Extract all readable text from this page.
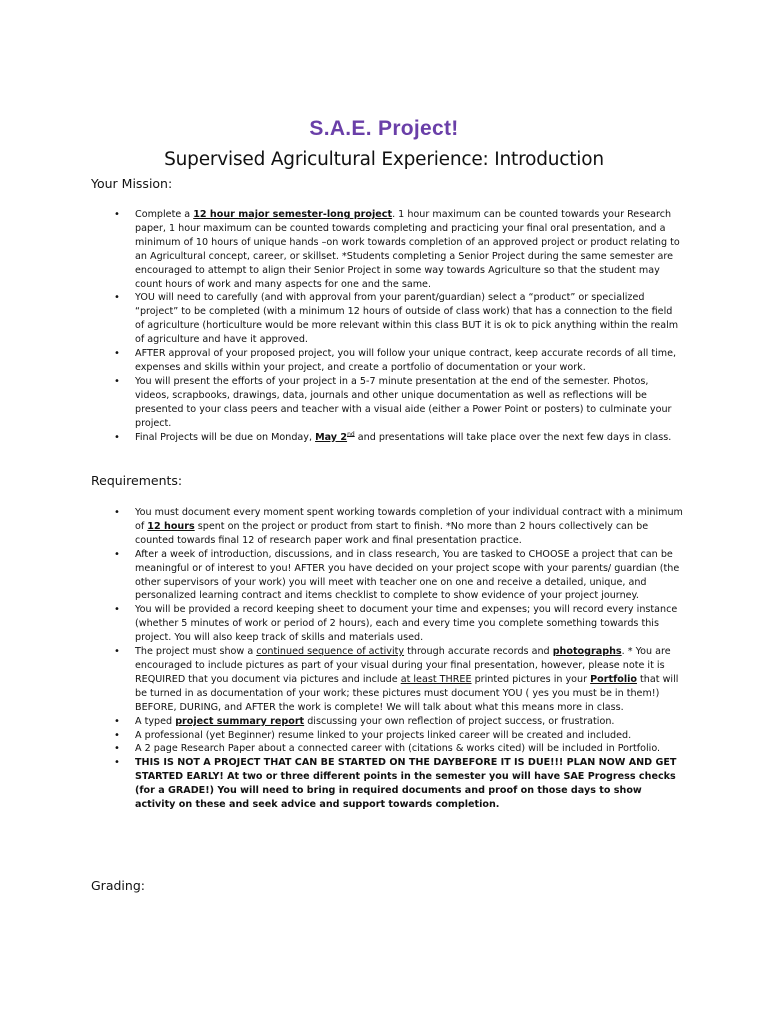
S.A.E. Project!
Supervised Agricultural Experience: Introduction
Your Mission:
• Complete a 12 hour major semester-long project. 1 hour maximum can be counted towards your Research paper, 1 hour maximum can be counted towards completing and practicing your final oral presentation, and a minimum of 10 hours of unique hands –on work towards completion of an approved project or product relating to an Agricultural concept, career, or skillset. *Students completing a Senior Project during the same semester are encouraged to attempt to align their Senior Project in some way towards Agriculture so that the student may count hours of work and many aspects for one and the same.
• YOU will need to carefully (and with approval from your parent/guardian) select a “product” or specialized “project” to be completed (with a minimum 12 hours of outside of class work) that has a connection to the field of agriculture (horticulture would be more relevant within this class BUT it is ok to pick anything within the realm of agriculture and have it approved.
• AFTER approval of your proposed project, you will follow your unique contract, keep accurate records of all time, expenses and skills within your project, and create a portfolio of documentation or your work.
• You will present the efforts of your project in a 5-7 minute presentation at the end of the semester. Photos, videos, scrapbooks, drawings, data, journals and other unique documentation as well as reflections will be presented to your class peers and teacher with a visual aide (either a Power Point or posters) to culminate your project.
• Final Projects will be due on Monday, May 2nd and presentations will take place over the next few days in class.
Requirements:
• You must document every moment spent working towards completion of your individual contract with a minimum of 12 hours spent on the project or product from start to finish. *No more than 2 hours collectively can be counted towards final 12 of research paper work and final presentation practice.
• After a week of introduction, discussions, and in class research, You are tasked to CHOOSE a project that can be meaningful or of interest to you! AFTER you have decided on your project scope with your parents/ guardian (the other supervisors of your work) you will meet with teacher one on one and receive a detailed, unique, and personalized learning contract and items checklist to complete to show evidence of your project journey.
• You will be provided a record keeping sheet to document your time and expenses; you will record every instance (whether 5 minutes of work or period of 2 hours), each and every time you complete something towards this project. You will also keep track of skills and materials used.
• The project must show a continued sequence of activity through accurate records and photographs. * You are encouraged to include pictures as part of your visual during your final presentation, however, please note it is REQUIRED that you document via pictures and include at least THREE printed pictures in your Portfolio that will be turned in as documentation of your work; these pictures must document YOU ( yes you must be in them!) BEFORE, DURING, and AFTER the work is complete! We will talk about what this means more in class.
• A typed project summary report discussing your own reflection of project success, or frustration.
• A professional (yet Beginner) resume linked to your projects linked career will be created and included.
• A 2 page Research Paper about a connected career with (citations & works cited) will be included in Portfolio.
• THIS IS NOT A PROJECT THAT CAN BE STARTED ON THE DAYBEFORE IT IS DUE!!! PLAN NOW AND GET STARTED EARLY! At two or three different points in the semester you will have SAE Progress checks (for a GRADE!) You will need to bring in required documents and proof on those days to show activity on these and seek advice and support towards completion.
Grading:
